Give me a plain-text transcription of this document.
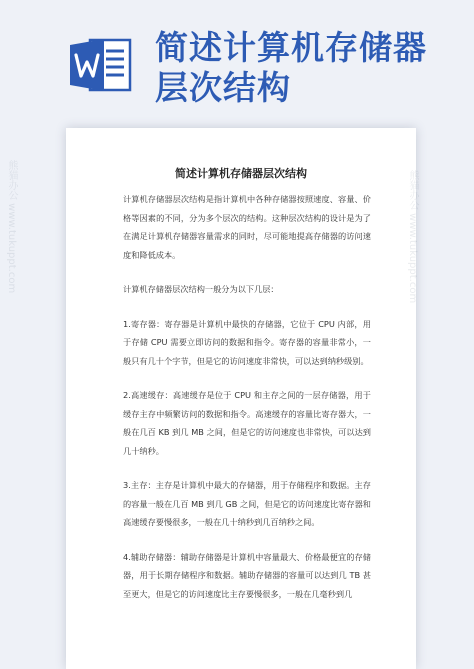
简述计算机存储器层次结构
简述计算机存储器层次结构

计算机存储器层次结构是指计算机中各种存储器按照速度、容量、价格等因素的不同，分为多个层次的结构。这种层次结构的设计是为了在满足计算机存储器容量需求的同时，尽可能地提高存储器的访问速度和降低成本。

计算机存储器层次结构一般分为以下几层：

1.寄存器：寄存器是计算机中最快的存储器，它位于 CPU 内部，用于存储 CPU 需要立即访问的数据和指令。寄存器的容量非常小，一般只有几十个字节，但是它的访问速度非常快，可以达到纳秒级别。

2.高速缓存：高速缓存是位于 CPU 和主存之间的一层存储器，用于缓存主存中频繁访问的数据和指令。高速缓存的容量比寄存器大，一般在几百 KB 到几 MB 之间，但是它的访问速度也非常快，可以达到几十纳秒。

3.主存：主存是计算机中最大的存储器，用于存储程序和数据。主存的容量一般在几百 MB 到几 GB 之间，但是它的访问速度比寄存器和高速缓存要慢很多，一般在几十纳秒到几百纳秒之间。

4.辅助存储器：辅助存储器是计算机中容量最大、价格最便宜的存储器，用于长期存储程序和数据。辅助存储器的容量可以达到几 TB 甚至更大，但是它的访问速度比主存要慢很多，一般在几毫秒到几

熊猫办公 www.tukuppt.com
